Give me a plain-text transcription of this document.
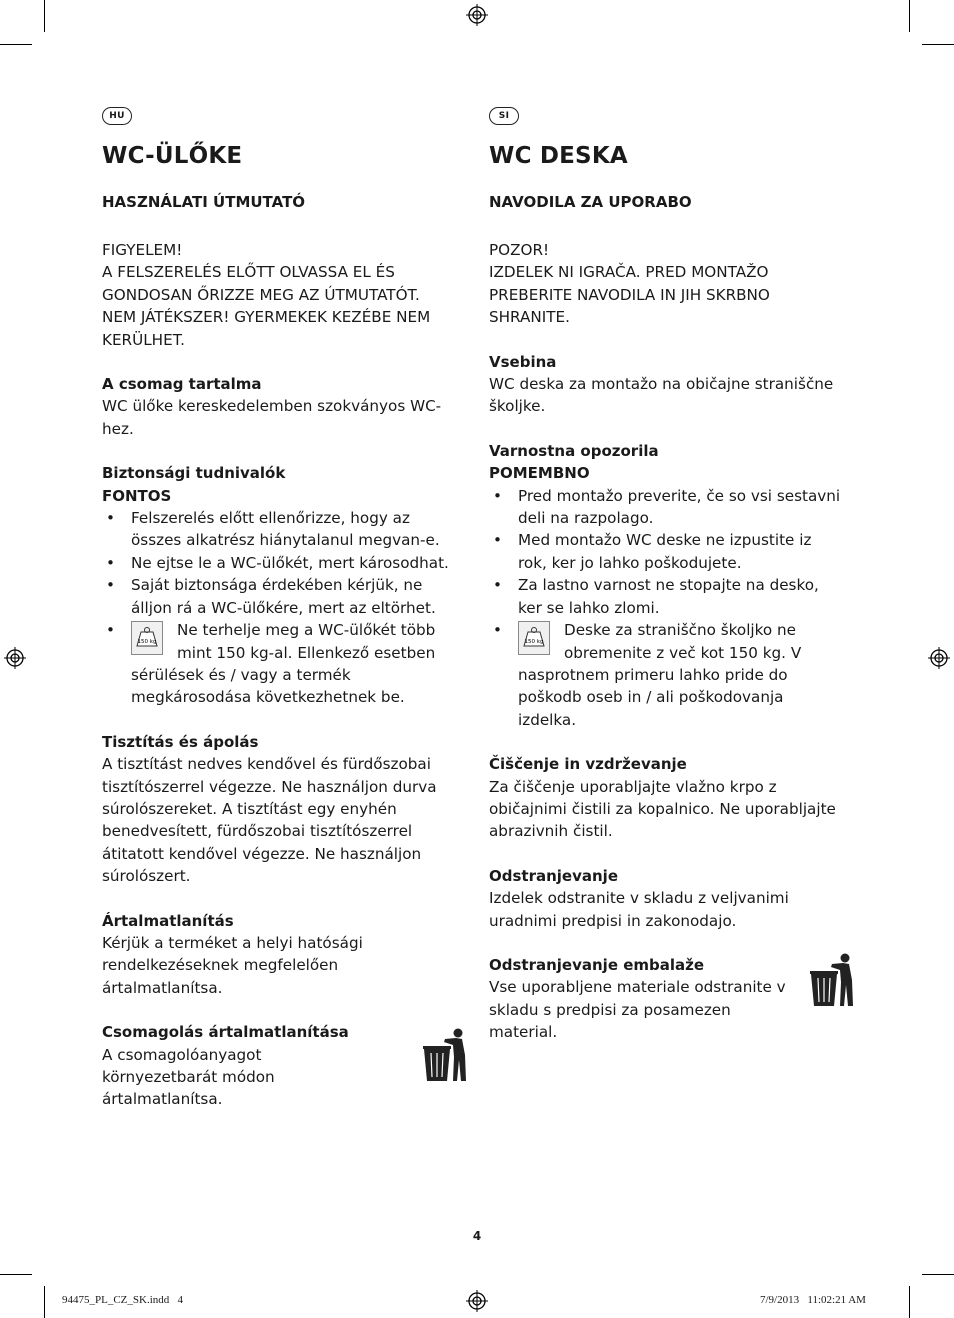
HU
WC-ÜLŐKE
HASZNÁLATI ÚTMUTATÓ

FIGYELEM!

A FELSZERELÉS ELŐTT OLVASSA EL ÉS GONDOSAN ŐRIZZE MEG AZ ÚTMUTATÓT. NEM JÁTÉKSZER! GYERMEKEK KEZÉBE NEM KERÜLHET.

A csomag tartalma

WC ülőke kereskedelemben szokványos WC-hez.

Biztonsági tudnivalók

FONTOS

• Felszerelés előtt ellenőrizze, hogy az összes alkatrész hiánytalanul megvan-e.
• Ne ejtse le a WC-ülőkét, mert károsodhat.
• Saját biztonsága érdekében kérjük, ne álljon rá a WC-ülőkére, mert az eltörhet.
• 150 kg
Ne terhelje meg a WC-ülőkét több mint 150 kg-al. Ellenkező esetben sérülések és / vagy a termék megkárosodása következhetnek be.

Tisztítás és ápolás

A tisztítást nedves kendővel és fürdőszobai tisztítószerrel végezze. Ne használjon durva súrolószereket. A tisztítást egy enyhén benedvesített, fürdőszobai tisztítószerrel átitatott kendővel végezze. Ne használjon súrolószert.

Ártalmatlanítás

Kérjük a terméket a helyi hatósági rendelkezéseknek megfelelően ártalmatlanítsa.

Csomagolás ártalmatlanítása

A csomagolóanyagot környezetbarát módon ártalmatlanítsa.

SI
WC DESKA
NAVODILA ZA UPORABO

POZOR!

IZDELEK NI IGRAČA. PRED MONTAŽO PREBERITE NAVODILA IN JIH SKRBNO SHRANITE.

Vsebina

WC deska za montažo na običajne straniščne školjke.

Varnostna opozorila

POMEMBNO

• Pred montažo preverite, če so vsi sestavni deli na razpolago.
• Med montažo WC deske ne izpustite iz rok, ker jo lahko poškodujete.
• Za lastno varnost ne stopajte na desko, ker se lahko zlomi.
• 150 kg
Deske za straniščno školjko ne obremenite z več kot 150 kg. V nasprotnem primeru lahko pride do poškodb oseb in / ali poškodovanja izdelka.

Čiščenje in vzdrževanje

Za čiščenje uporabljajte vlažno krpo z običajnimi čistili za kopalnico. Ne uporabljajte abrazivnih čistil.

Odstranjevanje

Izdelek odstranite v skladu z veljvanimi uradnimi predpisi in zakonodajo.

Odstranjevanje embalaže

Vse uporabljene materiale odstranite v skladu s predpisi za posamezen material.

4
94475_PL_CZ_SK.indd   4	7/9/2013   11:02:21 AM
